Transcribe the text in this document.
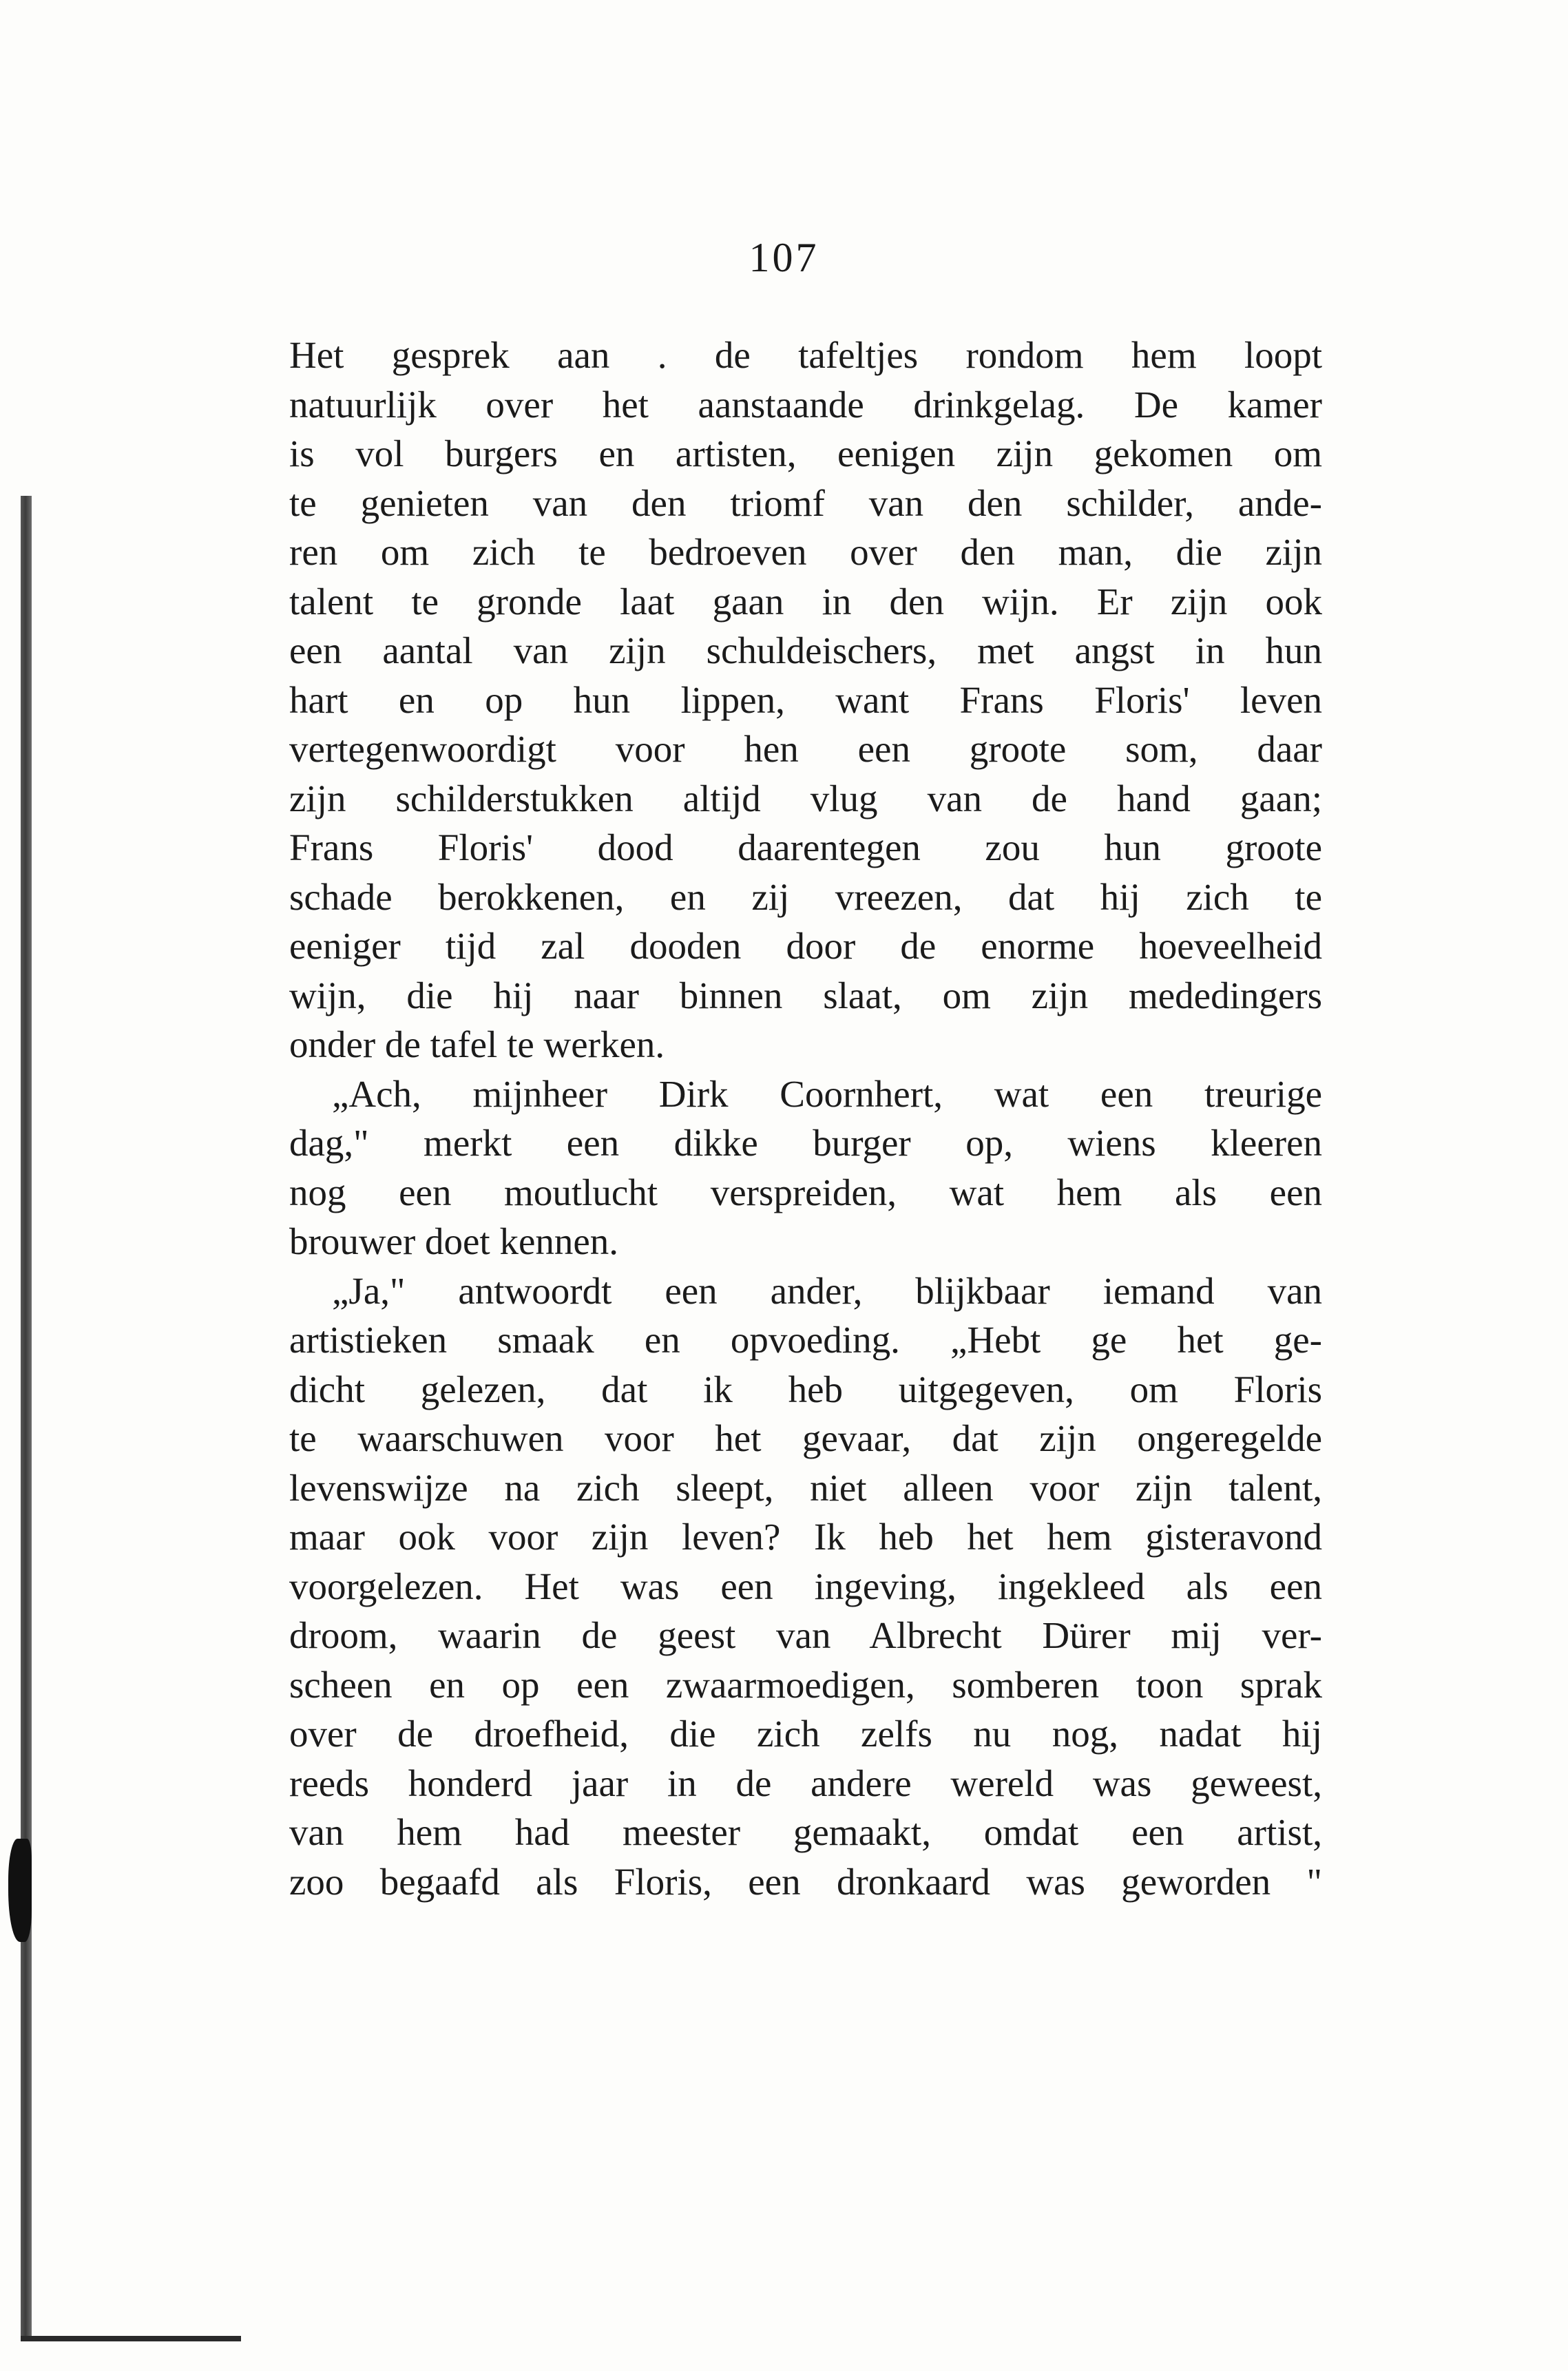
107
Het gesprek aan . de tafeltjes rondom hem loopt
natuurlijk over het aanstaande drinkgelag. De kamer
is vol burgers en artisten, eenigen zijn gekomen om
te genieten van den triomf van den schilder, ande-
ren om zich te bedroeven over den man, die zijn
talent te gronde laat gaan in den wijn. Er zijn ook
een aantal van zijn schuldeischers, met angst in hun
hart en op hun lippen, want Frans Floris' leven
vertegenwoordigt voor hen een groote som, daar
zijn schilderstukken altijd vlug van de hand gaan;
Frans Floris' dood daarentegen zou hun groote
schade berokkenen, en zij vreezen, dat hij zich te
eeniger tijd zal dooden door de enorme hoeveelheid
wijn, die hij naar binnen slaat, om zijn mededingers
onder de tafel te werken.
„Ach, mijnheer Dirk Coornhert, wat een treurige
dag," merkt een dikke burger op, wiens kleeren
nog een moutlucht verspreiden, wat hem als een
brouwer doet kennen.
„Ja," antwoordt een ander, blijkbaar iemand van
artistieken smaak en opvoeding. „Hebt ge het ge-
dicht gelezen, dat ik heb uitgegeven, om Floris
te waarschuwen voor het gevaar, dat zijn ongeregelde
levenswijze na zich sleept, niet alleen voor zijn talent,
maar ook voor zijn leven? Ik heb het hem gisteravond
voorgelezen. Het was een ingeving, ingekleed als een
droom, waarin de geest van Albrecht Dürer mij ver-
scheen en op een zwaarmoedigen, somberen toon sprak
over de droefheid, die zich zelfs nu nog, nadat hij
reeds honderd jaar in de andere wereld was geweest,
van hem had meester gemaakt, omdat een artist,
zoo begaafd als Floris, een dronkaard was geworden "
